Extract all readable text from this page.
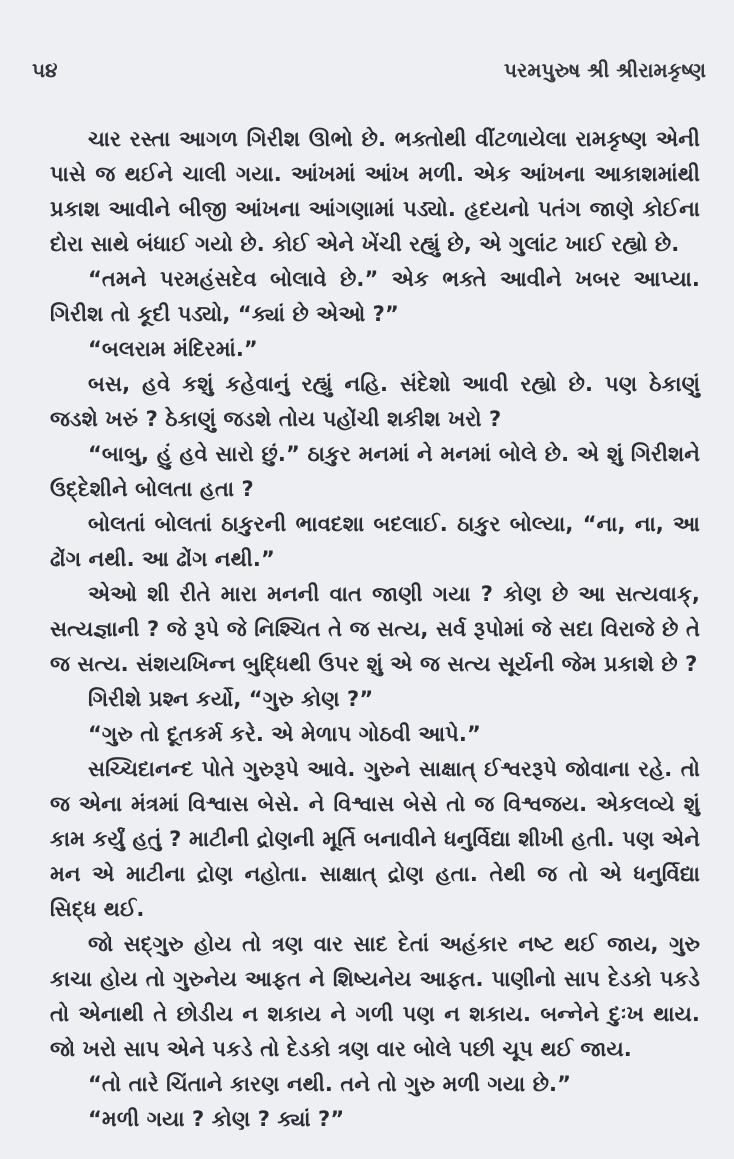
૫૪	પરમપુરુષ શ્રી શ્રીરામકૃષ્ણ

ચાર રસ્તા આગળ ગિરીશ ઊભો છે. ભક્તોથી વીંટળાયેલા રામકૃષ્ણ એની પાસે જ થઈને ચાલી ગયા. આંખમાં આંખ મળી. એક આંખના આકાશમાંથી પ્રકાશ આવીને બીજી આંખના આંગણામાં પડ્યો. હૃદયનો પતંગ જાણે કોઈના દોરા સાથે બંધાઈ ગયો છે. કોઈ એને ખેંચી રહ્યું છે, એ ગુલાંટ ખાઈ રહ્યો છે.

“તમને પરમહંસદેવ બોલાવે છે.” એક ભક્તે આવીને ખબર આપ્યા. ગિરીશ તો કૂદી પડ્યો, “ક્યાં છે એઓ ?”

“બલરામ મંદિરમાં.”

બસ, હવે કશું કહેવાનું રહ્યું નહિ. સંદેશો આવી રહ્યો છે. પણ ઠેકાણું જડશે ખરું ? ઠેકાણું જડશે તોય પહોંચી શકીશ ખરો ?

“બાબુ, હું હવે સારો છું.” ઠાકુર મનમાં ને મનમાં બોલે છે. એ શું ગિરીશને ઉદ્દેશીને બોલતા હતા ?

બોલતાં બોલતાં ઠાકુરની ભાવદશા બદલાઈ. ઠાકુર બોલ્યા, “ના, ના, આ ઢોંગ નથી. આ ઢોંગ નથી.”

એઓ શી રીતે મારા મનની વાત જાણી ગયા ? કોણ છે આ સત્યવાક્, સત્યજ્ઞાની ? જે રૂપે જે નિશ્ચિત તે જ સત્ય, સર્વ રૂપોમાં જે સદા વિરાજે છે તે જ સત્ય. સંશયખિન્ન બુદ્ધિથી ઉપર શું એ જ સત્ય સૂર્યની જેમ પ્રકાશે છે ?

ગિરીશે પ્રશ્ન કર્યો, “ગુરુ કોણ ?”

“ગુરુ તો દૂતકર્મ કરે. એ મેળાપ ગોઠવી આપે.”

સચ્ચિદાનન્દ પોતે ગુરુરૂપે આવે. ગુરુને સાક્ષાત્ ઈશ્વરરૂપે જોવાના રહે. તો જ એના મંત્રમાં વિશ્વાસ બેસે. ને વિશ્વાસ બેસે તો જ વિશ્વજય. એકલવ્યે શું કામ કર્યું હતું ? માટીની દ્રોણની મૂર્તિ બનાવીને ધનુર્વિદ્યા શીખી હતી. પણ એને મન એ માટીના દ્રોણ નહોતા. સાક્ષાત્ દ્રોણ હતા. તેથી જ તો એ ધનુર્વિદ્યા સિદ્ધ થઈ.

જો સદ્ગુરુ હોય તો ત્રણ વાર સાદ દેતાં અહંકાર નષ્ટ થઈ જાય, ગુરુ કાચા હોય તો ગુરુનેય આફત ને શિષ્યનેય આફત. પાણીનો સાપ દેડકો પકડે તો એનાથી તે છોડીય ન શકાય ને ગળી પણ ન શકાય. બન્નેને દુઃખ થાય. જો ખરો સાપ એને પકડે તો દેડકો ત્રણ વાર બોલે પછી ચૂપ થઈ જાય.

“તો તારે ચિંતાને કારણ નથી. તને તો ગુરુ મળી ગયા છે.”

“મળી ગયા ? કોણ ? ક્યાં ?”
